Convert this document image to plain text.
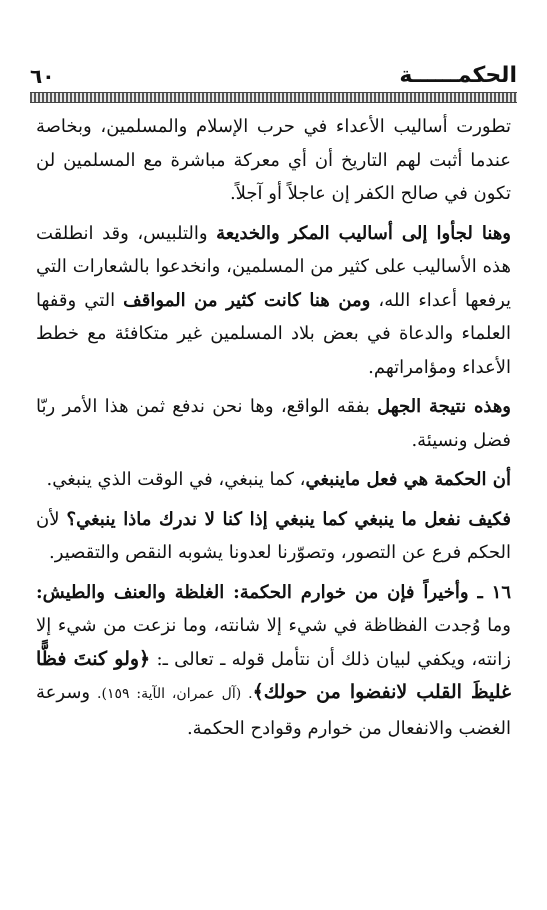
٦٠	الحكمــــــة

تطورت أساليب الأعداء في حرب الإسلام والمسلمين، وبخاصة عندما أثبت لهم التاريخ أن أي معركة مباشرة مع المسلمين لن تكون في صالح الكفر إن عاجلاً أو آجلاً.

وهنا لجأوا إلى أساليب المكر والخديعة والتلبيس، وقد انطلقت هذه الأساليب على كثير من المسلمين، وانخدعوا بالشعارات التي يرفعها أعداء الله، ومن هنا كانت كثير من المواقف التي وقفها العلماء والدعاة في بعض بلاد المسلمين غير متكافئة مع خطط الأعداء ومؤامراتهم.

وهذه نتيجة الجهل بفقه الواقع، وها نحن ندفع ثمن هذا الأمر ربّا فضل ونسيئة.

أن الحكمة هي فعل ماينبغي، كما ينبغي، في الوقت الذي ينبغي.

فكيف نفعل ما ينبغي كما ينبغي إذا كنا لا ندرك ماذا ينبغي؟ لأن الحكم فرع عن التصور، وتصوّرنا لعدونا يشوبه النقص والتقصير.

١٦ ـ وأخيراً فإن من خوارم الحكمة: الغلظة والعنف والطيش: وما وُجدت الفظاظة في شيء إلا شانته، وما نزعت من شيء إلا زانته، ويكفي لبيان ذلك أن نتأمل قوله ـ تعالى ـ: ﴿ولو كنتَ فظًّا غليظَ القلب لانفضوا من حولك﴾. (آل عمران، الآية: ١٥٩). وسرعة الغضب والانفعال من خوارم وقوادح الحكمة.
